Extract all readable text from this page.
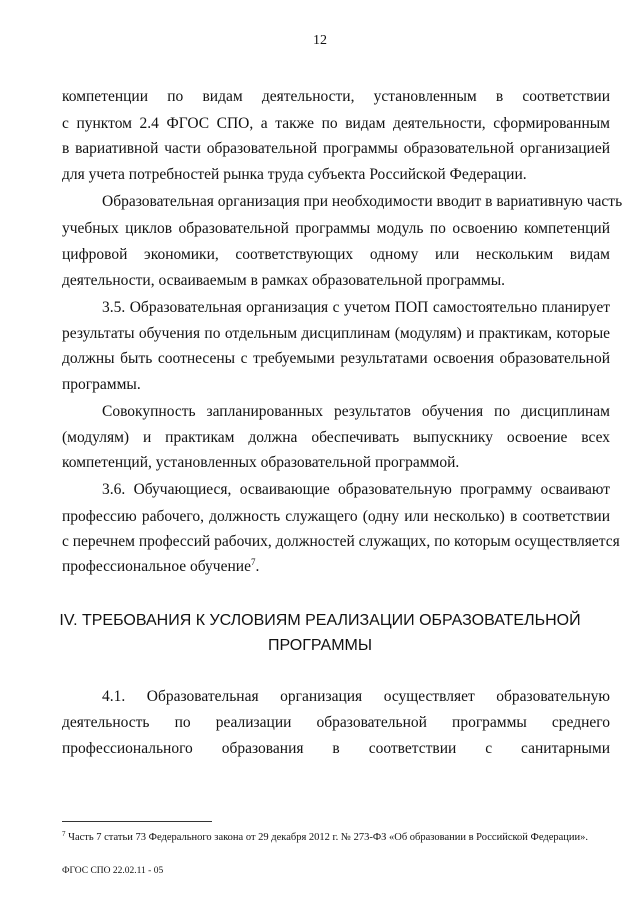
12
компетенции по видам деятельности, установленным в соответствии
с пунктом 2.4 ФГОС СПО, а также по видам деятельности, сформированным
в вариативной части образовательной программы образовательной организацией
для учета потребностей рынка труда субъекта Российской Федерации.
Образовательная организация при необходимости вводит в вариативную часть
учебных циклов образовательной программы модуль по освоению компетенций
цифровой экономики, соответствующих одному или нескольким видам
деятельности, осваиваемым в рамках образовательной программы.
3.5. Образовательная организация с учетом ПОП самостоятельно планирует
результаты обучения по отдельным дисциплинам (модулям) и практикам, которые
должны быть соотнесены с требуемыми результатами освоения образовательной
программы.
Совокупность запланированных результатов обучения по дисциплинам
(модулям) и практикам должна обеспечивать выпускнику освоение всех
компетенций, установленных образовательной программой.
3.6. Обучающиеся, осваивающие образовательную программу осваивают
профессию рабочего, должность служащего (одну или несколько) в соответствии
с перечнем профессий рабочих, должностей служащих, по которым осуществляется
профессиональное обучение$^7$.
IV. ТРЕБОВАНИЯ К УСЛОВИЯМ РЕАЛИЗАЦИИ ОБРАЗОВАТЕЛЬНОЙ
ПРОГРАММЫ
4.1. Образовательная организация осуществляет образовательную
деятельность по реализации образовательной программы среднего
профессионального образования в соответствии с санитарными
$^7$ Часть 7 статьи 73 Федерального закона от 29 декабря 2012 г. № 273-ФЗ «Об образовании в Российской Федерации».
ФГОС СПО 22.02.11 - 05
